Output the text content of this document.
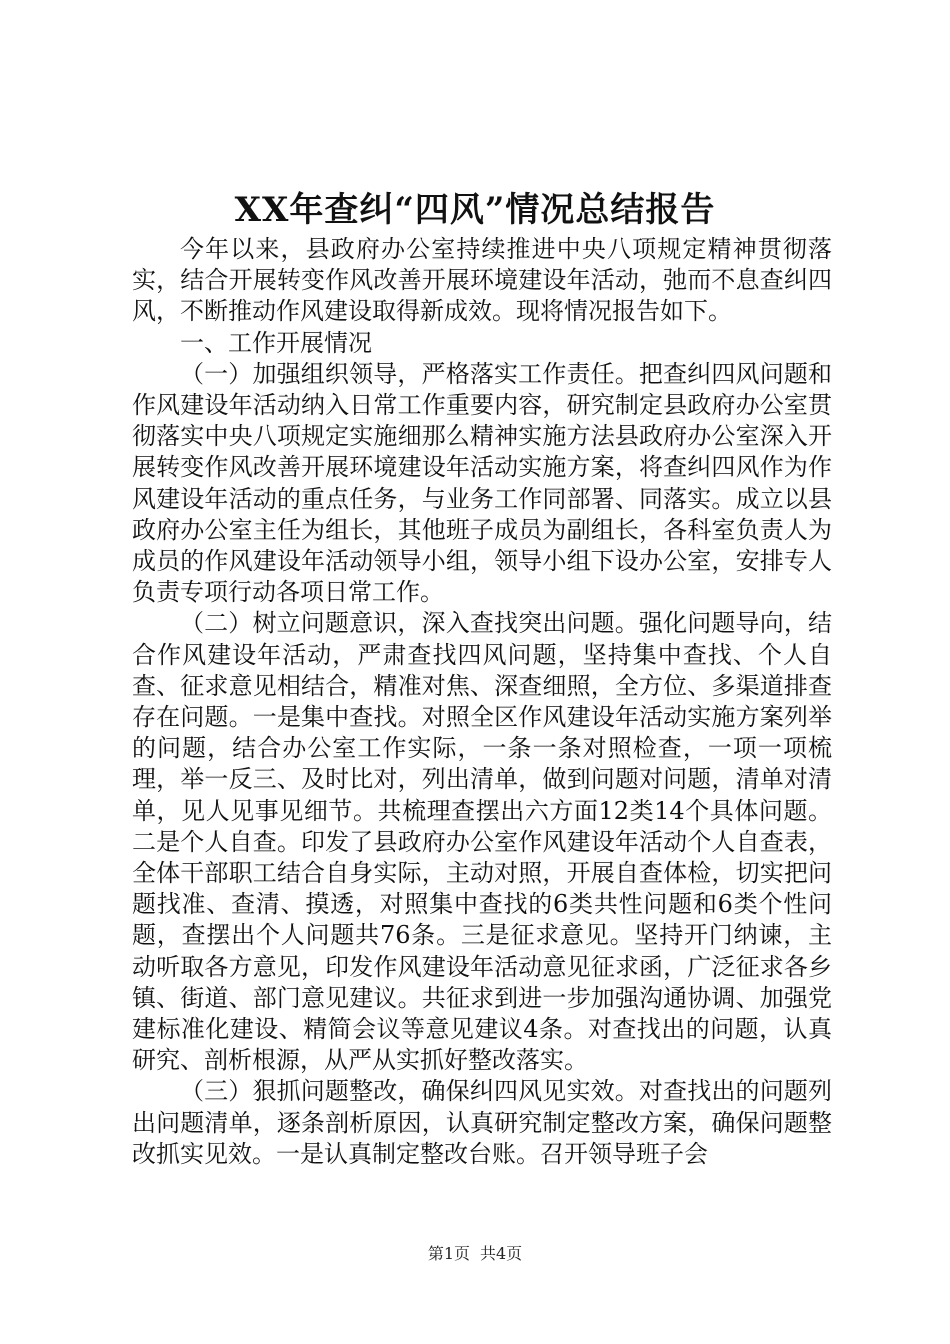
XX年查纠“四风”情况总结报告

今年以来，县政府办公室持续推进中央八项规定精神贯彻落实，结合开展转变作风改善开展环境建设年活动，弛而不息查纠四风，不断推动作风建设取得新成效。现将情况报告如下。

一、工作开展情况

（一）加强组织领导，严格落实工作责任。把查纠四风问题和作风建设年活动纳入日常工作重要内容，研究制定县政府办公室贯彻落实中央八项规定实施细那么精神实施方法县政府办公室深入开展转变作风改善开展环境建设年活动实施方案，将查纠四风作为作风建设年活动的重点任务，与业务工作同部署、同落实。成立以县政府办公室主任为组长，其他班子成员为副组长，各科室负责人为成员的作风建设年活动领导小组，领导小组下设办公室，安排专人负责专项行动各项日常工作。

（二）树立问题意识，深入查找突出问题。强化问题导向，结合作风建设年活动，严肃查找四风问题，坚持集中查找、个人自查、征求意见相结合，精准对焦、深查细照，全方位、多渠道排查存在问题。一是集中查找。对照全区作风建设年活动实施方案列举的问题，结合办公室工作实际，一条一条对照检查，一项一项梳理，举一反三、及时比对，列出清单，做到问题对问题，清单对清单，见人见事见细节。共梳理查摆出六方面12类14个具体问题。二是个人自查。印发了县政府办公室作风建设年活动个人自查表，全体干部职工结合自身实际，主动对照，开展自查体检，切实把问题找准、查清、摸透，对照集中查找的6类共性问题和6类个性问题，查摆出个人问题共76条。三是征求意见。坚持开门纳谏，主动听取各方意见，印发作风建设年活动意见征求函，广泛征求各乡镇、街道、部门意见建议。共征求到进一步加强沟通协调、加强党建标准化建设、精简会议等意见建议4条。对查找出的问题，认真研究、剖析根源，从严从实抓好整改落实。

（三）狠抓问题整改，确保纠四风见实效。对查找出的问题列出问题清单，逐条剖析原因，认真研究制定整改方案，确保问题整改抓实见效。一是认真制定整改台账。召开领导班子会

第1页 共4页
